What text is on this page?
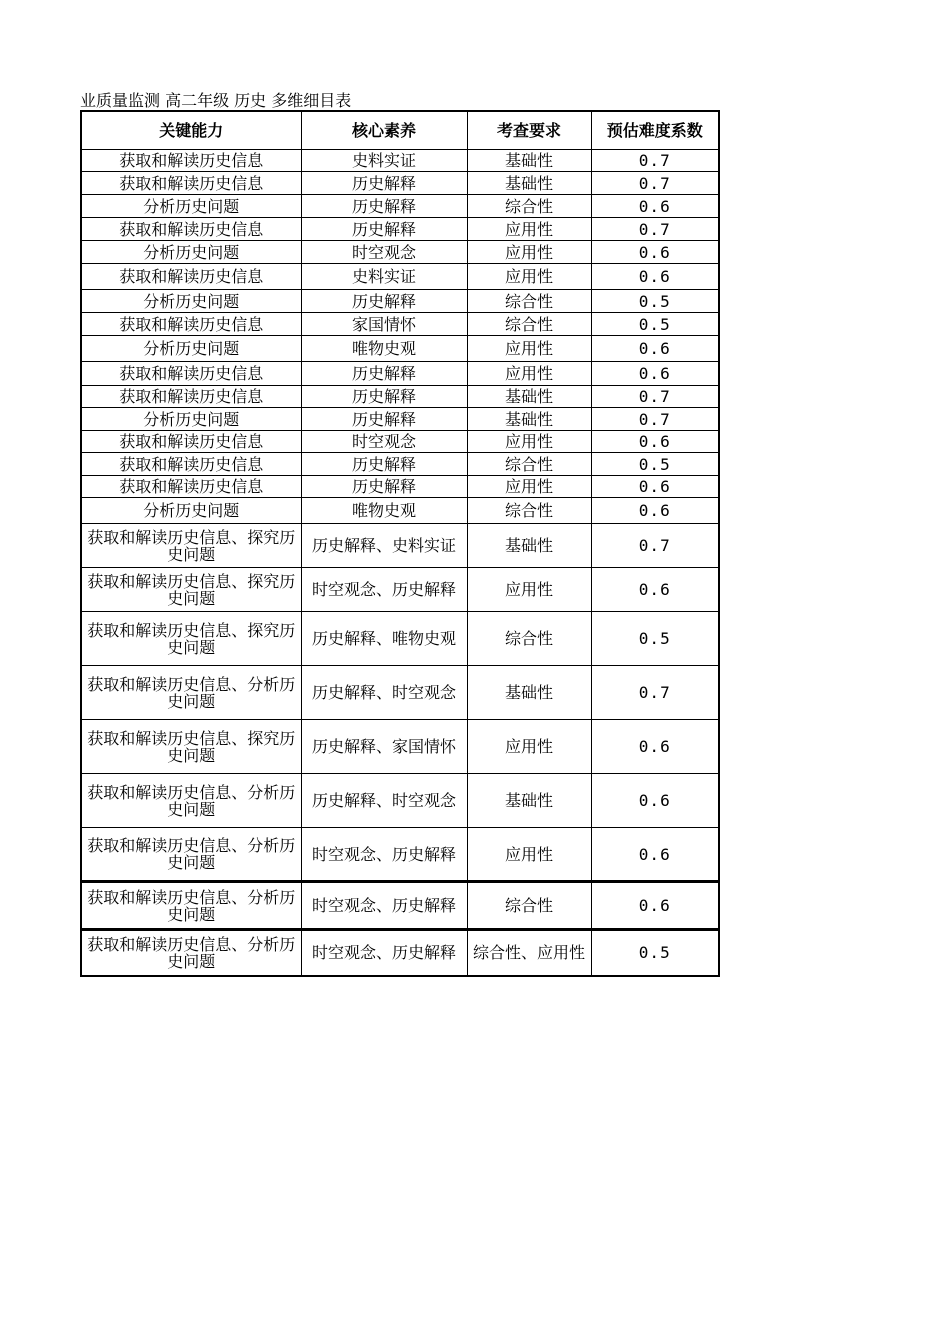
业质量监测 高二年级 历史 多维细目表
关键能力	核心素养	考查要求	预估难度系数
获取和解读历史信息	史料实证	基础性	0.7
获取和解读历史信息	历史解释	基础性	0.7
分析历史问题	历史解释	综合性	0.6
获取和解读历史信息	历史解释	应用性	0.7
分析历史问题	时空观念	应用性	0.6
获取和解读历史信息	史料实证	应用性	0.6
分析历史问题	历史解释	综合性	0.5
获取和解读历史信息	家国情怀	综合性	0.5
分析历史问题	唯物史观	应用性	0.6
获取和解读历史信息	历史解释	应用性	0.6
获取和解读历史信息	历史解释	基础性	0.7
分析历史问题	历史解释	基础性	0.7
获取和解读历史信息	时空观念	应用性	0.6
获取和解读历史信息	历史解释	综合性	0.5
获取和解读历史信息	历史解释	应用性	0.6
分析历史问题	唯物史观	综合性	0.6
获取和解读历史信息、探究历史问题	历史解释、史料实证	基础性	0.7
获取和解读历史信息、探究历史问题	时空观念、历史解释	应用性	0.6
获取和解读历史信息、探究历史问题	历史解释、唯物史观	综合性	0.5
获取和解读历史信息、分析历史问题	历史解释、时空观念	基础性	0.7
获取和解读历史信息、探究历史问题	历史解释、家国情怀	应用性	0.6
获取和解读历史信息、分析历史问题	历史解释、时空观念	基础性	0.6
获取和解读历史信息、分析历史问题	时空观念、历史解释	应用性	0.6
获取和解读历史信息、分析历史问题	时空观念、历史解释	综合性	0.6
获取和解读历史信息、分析历史问题	时空观念、历史解释	综合性、应用性	0.5
